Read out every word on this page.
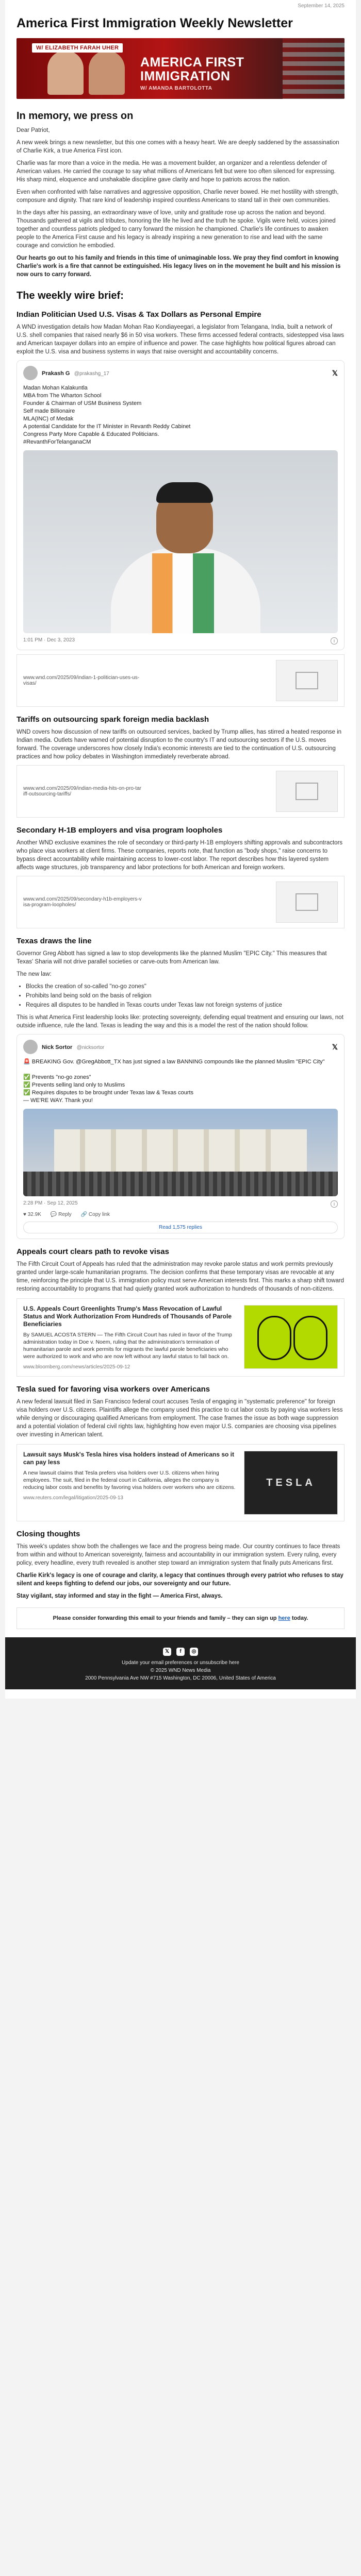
September 14, 2025
America First Immigration Weekly Newsletter
W/ ELIZABETH FARAH UHER
AMERICA FIRST
IMMIGRATION
W/ AMANDA BARTOLOTTA
In memory, we press on

Dear Patriot,

A new week brings a new newsletter, but this one comes with a heavy heart. We are deeply saddened by the assassination of Charlie Kirk, a true America First icon.

Charlie was far more than a voice in the media. He was a movement builder, an organizer and a relentless defender of American values. He carried the courage to say what millions of Americans felt but were too often silenced for expressing. His sharp mind, eloquence and unshakable discipline gave clarity and hope to patriots across the nation.

Even when confronted with false narratives and aggressive opposition, Charlie never bowed. He met hostility with strength, composure and dignity. That rare kind of leadership inspired countless Americans to stand tall in their own communities.

In the days after his passing, an extraordinary wave of love, unity and gratitude rose up across the nation and beyond. Thousands gathered at vigils and tributes, honoring the life he lived and the truth he spoke. Vigils were held, voices joined together and countless patriots pledged to carry forward the mission he championed. Charlie's life continues to awaken people to the America First cause and his legacy is already inspiring a new generation to rise and lead with the same courage and conviction he embodied.

Our hearts go out to his family and friends in this time of unimaginable loss. We pray they find comfort in knowing Charlie's work is a fire that cannot be extinguished. His legacy lives on in the movement he built and his mission is now ours to carry forward.

The weekly wire brief:
Indian Politician Used U.S. Visas & Tax Dollars as Personal Empire

A WND investigation details how Madan Mohan Rao Kondiayeegari, a legislator from Telangana, India, built a network of U.S. shell companies that raised nearly $6 in 50 visa workers. These firms accessed federal contracts, sidestepped visa laws and American taxpayer dollars into an empire of influence and power. The case highlights how political figures abroad can exploit the U.S. visa and business systems in ways that raise oversight and accountability concerns.

Prakash G @prakashg_17	𝕏
Madan Mohan Kalakuntla
MBA from The Wharton School
Founder & Chairman of USM Business System
Self made Billionaire
MLA(INC) of Medak
A potential Candidate for the IT Minister in Revanth Reddy Cabinet
Congress Party More Capable & Educated Politicians.
#RevanthForTelanganaCM
1:01 PM · Dec 3, 2023	i
www.wnd.com/2025/09/indian-1-politician-uses-us-visas/
Tariffs on outsourcing spark foreign media backlash

WND covers how discussion of new tariffs on outsourced services, backed by Trump allies, has stirred a heated response in Indian media. Outlets have warned of potential disruption to the country's IT and outsourcing sectors if the U.S. moves forward. The coverage underscores how closely India's economic interests are tied to the continuation of U.S. outsourcing practices and how policy debates in Washington immediately reverberate abroad.

www.wnd.com/2025/09/indian-media-hits-on-pro-tariff-outsourcing-tariffs/
Secondary H-1B employers and visa program loopholes

Another WND exclusive examines the role of secondary or third-party H-1B employers shifting approvals and subcontractors who place visa workers at client firms. These companies, reports note, that function as "body shops," raise concerns to bypass direct accountability while maintaining access to lower-cost labor. The report describes how this layered system affects wage structures, job transparency and labor protections for both American and foreign workers.

www.wnd.com/2025/09/secondary-h1b-employers-visa-program-loopholes/
Texas draws the line

Governor Greg Abbott has signed a law to stop developments like the planned Muslim "EPIC City." This measures that Texas' Sharia will not drive parallel societies or carve-outs from American law.

The new law:

• Blocks the creation of so-called "no-go zones"
• Prohibits land being sold on the basis of religion
• Requires all disputes to be handled in Texas courts under Texas law not foreign systems of justice

This is what America First leadership looks like: protecting sovereignty, defending equal treatment and ensuring our laws, not outside influence, rule the land. Texas is leading the way and this is a model the rest of the nation should follow.

Nick Sortor @nicksortor	𝕏
🚨 BREAKING Gov. @GregAbbott_TX has just signed a law BANNING compounds like the planned Muslim "EPIC City"

✅ Prevents "no-go zones"
✅ Prevents selling land only to Muslims
✅ Requires disputes to be brought under Texas law & Texas courts
— WE'RE WAY. Thank you!
2:28 PM · Sep 12, 2025	i
♥ 32.9K 💬 Reply 🔗 Copy link
Read 1,575 replies
Appeals court clears path to revoke visas

The Fifth Circuit Court of Appeals has ruled that the administration may revoke parole status and work permits previously granted under large-scale humanitarian programs. The decision confirms that these temporary visas are revocable at any time, reinforcing the principle that U.S. immigration policy must serve American interests first. This marks a sharp shift toward restoring accountability to programs that had quietly granted work authorization to hundreds of thousands of non-citizens.

U.S. Appeals Court Greenlights Trump's Mass Revocation of Lawful Status and Work Authorization From Hundreds of Thousands of Parole Beneficiaries
By SAMUEL ACOSTA STERN — The Fifth Circuit Court has ruled in favor of the Trump administration today in Doe v. Noem, ruling that the administration's termination of humanitarian parole and work permits for migrants the lawful parole beneficiaries who were authorized to work and who are now left without any lawful status to fall back on.
www.bloomberg.com/news/articles/2025-09-12
Tesla sued for favoring visa workers over Americans

A new federal lawsuit filed in San Francisco federal court accuses Tesla of engaging in "systematic preference" for foreign visa holders over U.S. citizens. Plaintiffs allege the company used this practice to cut labor costs by paying visa workers less while denying or discouraging qualified Americans from employment. The case frames the issue as both wage suppression and a potential violation of federal civil rights law, highlighting how even major U.S. companies are choosing visa pipelines over investing in American talent.

Lawsuit says Musk's Tesla hires visa holders instead of Americans so it can pay less
A new lawsuit claims that Tesla prefers visa holders over U.S. citizens when hiring employees. The suit, filed in the federal court in California, alleges the company is reducing labor costs and benefits by favoring visa holders over workers who are citizens.
www.reuters.com/legal/litigation/2025-09-13
TESLA
Closing thoughts

This week's updates show both the challenges we face and the progress being made. Our country continues to face threats from within and without to American sovereignty, fairness and accountability in our immigration system. Every ruling, every policy, every headline, every truth revealed is another step toward an immigration system that finally puts Americans first.

Charlie Kirk's legacy is one of courage and clarity, a legacy that continues through every patriot who refuses to stay silent and keeps fighting to defend our jobs, our sovereignty and our future.

Stay vigilant, stay informed and stay in the fight — America First, always.

Please consider forwarding this email to your friends and family – they can sign up here today.
𝕏	f	◎
Update your email preferences or unsubscribe here
© 2025 WND News Media
2000 Pennsylvania Ave NW #715 Washington, DC 20006, United States of America
